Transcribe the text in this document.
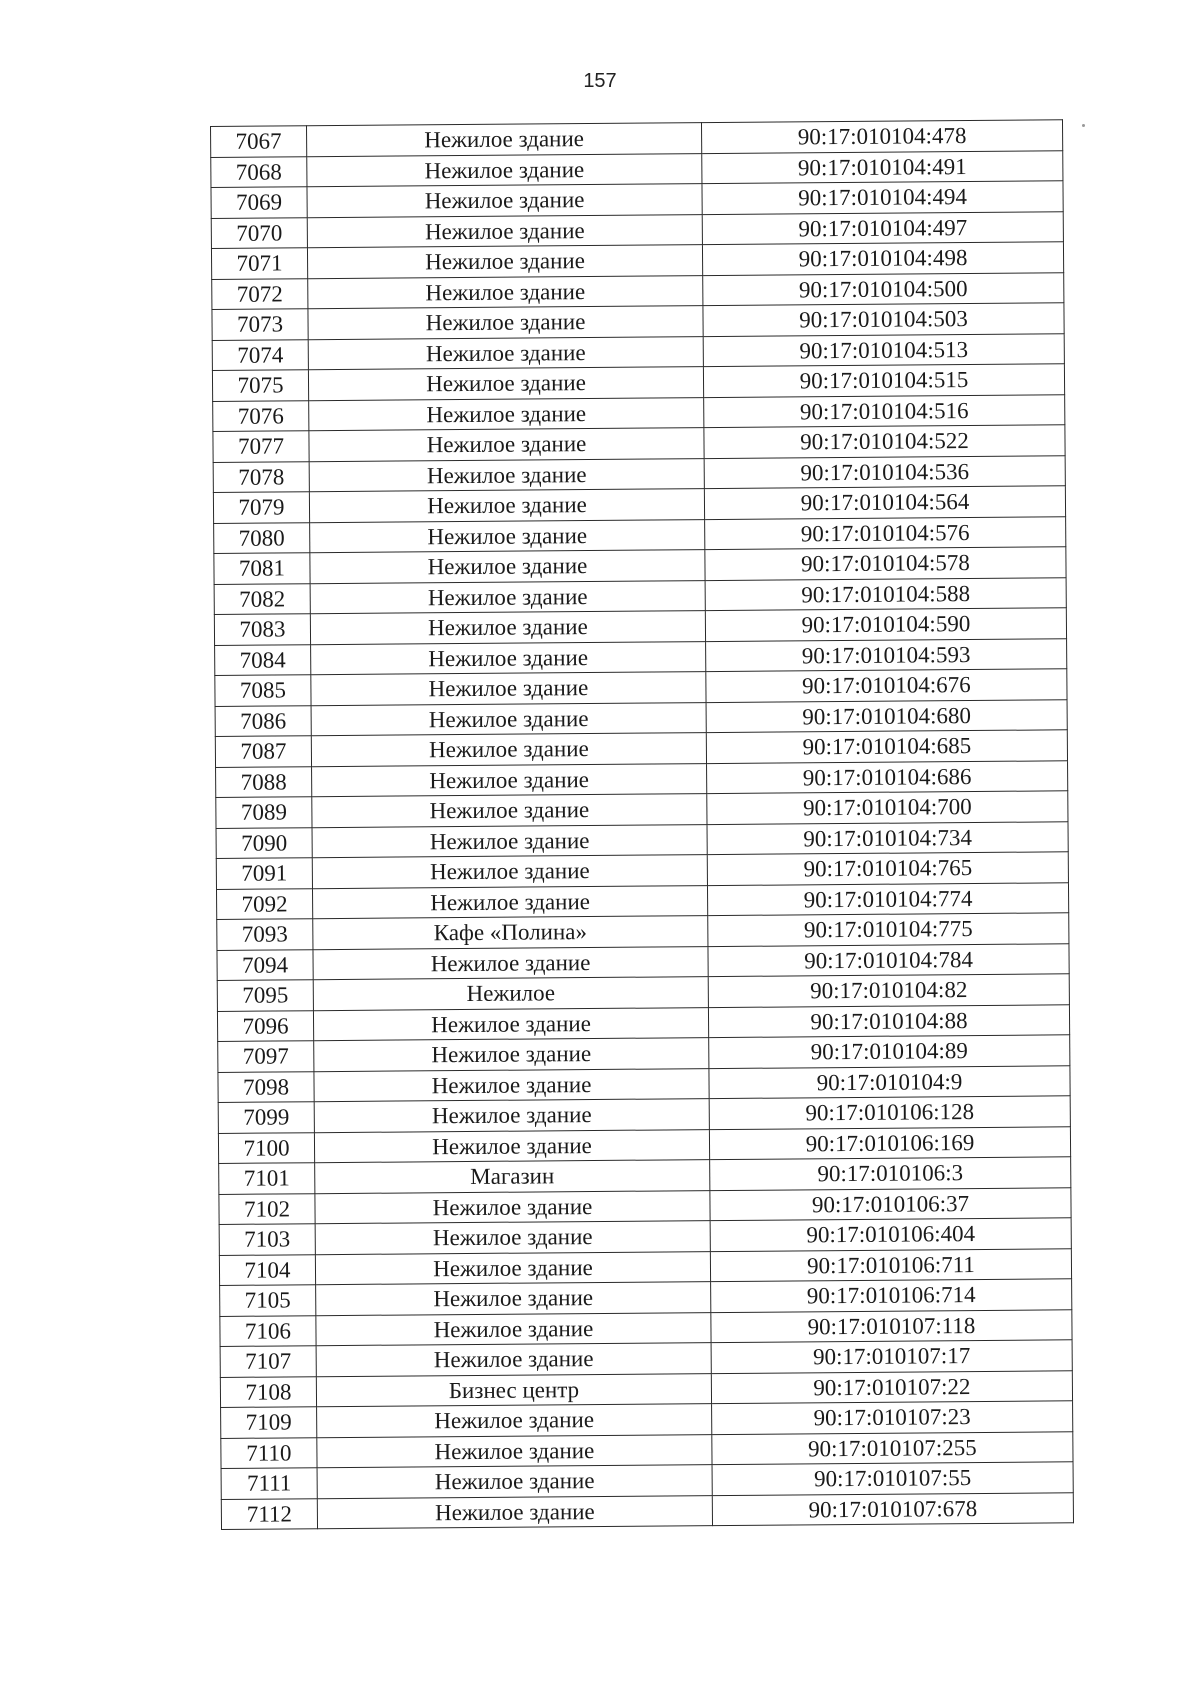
157
7067	Нежилое здание	90:17:010104:478
7068	Нежилое здание	90:17:010104:491
7069	Нежилое здание	90:17:010104:494
7070	Нежилое здание	90:17:010104:497
7071	Нежилое здание	90:17:010104:498
7072	Нежилое здание	90:17:010104:500
7073	Нежилое здание	90:17:010104:503
7074	Нежилое здание	90:17:010104:513
7075	Нежилое здание	90:17:010104:515
7076	Нежилое здание	90:17:010104:516
7077	Нежилое здание	90:17:010104:522
7078	Нежилое здание	90:17:010104:536
7079	Нежилое здание	90:17:010104:564
7080	Нежилое здание	90:17:010104:576
7081	Нежилое здание	90:17:010104:578
7082	Нежилое здание	90:17:010104:588
7083	Нежилое здание	90:17:010104:590
7084	Нежилое здание	90:17:010104:593
7085	Нежилое здание	90:17:010104:676
7086	Нежилое здание	90:17:010104:680
7087	Нежилое здание	90:17:010104:685
7088	Нежилое здание	90:17:010104:686
7089	Нежилое здание	90:17:010104:700
7090	Нежилое здание	90:17:010104:734
7091	Нежилое здание	90:17:010104:765
7092	Нежилое здание	90:17:010104:774
7093	Кафе «Полина»	90:17:010104:775
7094	Нежилое здание	90:17:010104:784
7095	Нежилое	90:17:010104:82
7096	Нежилое здание	90:17:010104:88
7097	Нежилое здание	90:17:010104:89
7098	Нежилое здание	90:17:010104:9
7099	Нежилое здание	90:17:010106:128
7100	Нежилое здание	90:17:010106:169
7101	Магазин	90:17:010106:3
7102	Нежилое здание	90:17:010106:37
7103	Нежилое здание	90:17:010106:404
7104	Нежилое здание	90:17:010106:711
7105	Нежилое здание	90:17:010106:714
7106	Нежилое здание	90:17:010107:118
7107	Нежилое здание	90:17:010107:17
7108	Бизнес центр	90:17:010107:22
7109	Нежилое здание	90:17:010107:23
7110	Нежилое здание	90:17:010107:255
7111	Нежилое здание	90:17:010107:55
7112	Нежилое здание	90:17:010107:678
